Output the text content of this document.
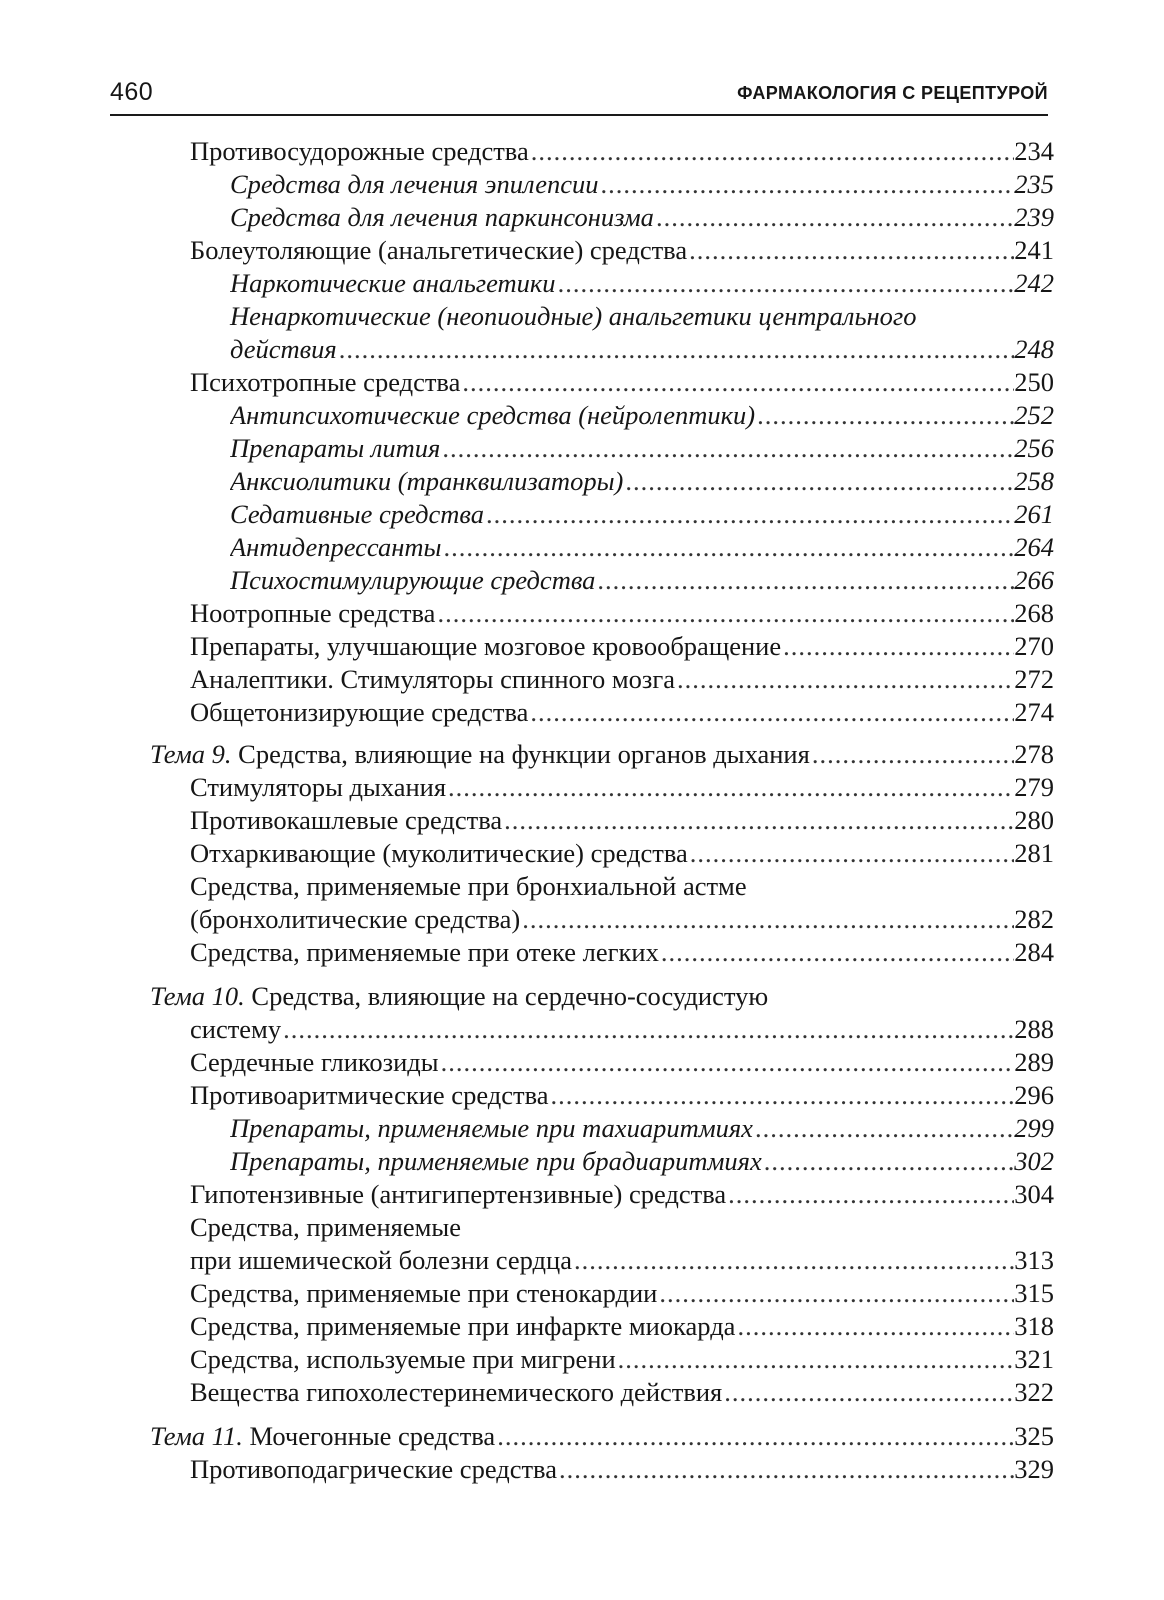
460	ФАРМАКОЛОГИЯ С РЕЦЕПТУРОЙ
Противосудорожные средства .....	234
Средства для лечения эпилепсии .....	235
Средства для лечения паркинсонизма .....	239
Болеутоляющие (анальгетические) средства .....	241
Наркотические анальгетики .....	242
Ненаркотические (неопиоидные) анальгетики центрального
действия .....	248
Психотропные средства .....	250
Антипсихотические средства (нейролептики) .....	252
Препараты лития .....	256
Анксиолитики (транквилизаторы) .....	258
Седативные средства .....	261
Антидепрессанты .....	264
Психостимулирующие средства .....	266
Ноотропные средства .....	268
Препараты, улучшающие мозговое кровообращение .....	270
Аналептики. Стимуляторы спинного мозга .....	272
Общетонизирующие средства .....	274
Тема 9. Средства, влияющие на функции органов дыхания .....	278
Стимуляторы дыхания .....	279
Противокашлевые средства .....	280
Отхаркивающие (муколитические) средства .....	281
Средства, применяемые при бронхиальной астме
(бронхолитические средства) .....	282
Средства, применяемые при отеке легких .....	284
Тема 10. Средства, влияющие на сердечно-сосудистую
систему .....	288
Сердечные гликозиды .....	289
Противоаритмические средства .....	296
Препараты, применяемые при тахиаритмиях .....	299
Препараты, применяемые при брадиаритмиях .....	302
Гипотензивные (антигипертензивные) средства .....	304
Средства, применяемые
при ишемической болезни сердца .....	313
Средства, применяемые при стенокардии .....	315
Средства, применяемые при инфаркте миокарда .....	318
Средства, используемые при мигрени .....	321
Вещества гипохолестеринемического действия .....	322
Тема 11. Мочегонные средства .....	325
Противоподагрические средства .....	329
